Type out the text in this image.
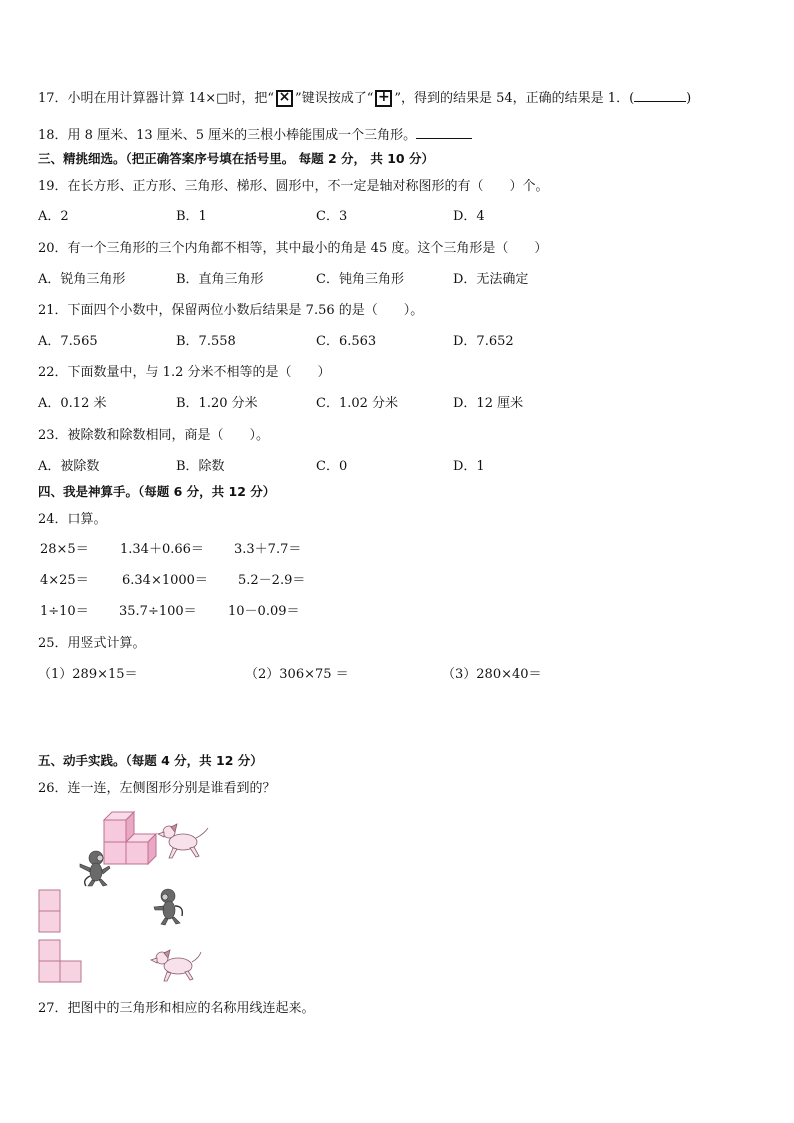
17．小明在用计算器计算 14×□时，把“ × ”键误按成了“ + ”，得到的结果是 54，正确的结果是 1．(	)
18．用 8 厘米、13 厘米、5 厘米的三根小棒能围成一个三角形。
三、精挑细选。（把正确答案序号填在括号里。 每题 2 分， 共 10 分）
19．在长方形、正方形、三角形、梯形、圆形中，不一定是轴对称图形的有（　　）个。
A．2	B．1	C．3	D．4
20．有一个三角形的三个内角都不相等，其中最小的角是 45 度。这个三角形是（　　）
A．锐角三角形	B．直角三角形	C．钝角三角形	D．无法确定
21．下面四个小数中，保留两位小数后结果是 7.56 的是（　　）。
A．7.565	B．7.558	C．6.563	D．7.652
22．下面数量中，与 1.2 分米不相等的是（　　）
A．0.12 米	B．1.20 分米	C．1.02 分米	D．12 厘米
23．被除数和除数相同，商是（　　）。
A．被除数	B．除数	C．0	D．1
四、我是神算手。（每题 6 分，共 12 分）
24．口算。
28×5＝ 1.34＋0.66＝ 3.3＋7.7＝
4×25＝	6.34×1000＝ 5.2－2.9＝
1÷10＝ 35.7÷100＝ 10－0.09＝
25．用竖式计算。
（1）289×15＝	（2）306×75 ＝	（3）280×40＝
五、动手实践。（每题 4 分，共 12 分）
26．连一连，左侧图形分别是谁看到的？
27．把图中的三角形和相应的名称用线连起来。
